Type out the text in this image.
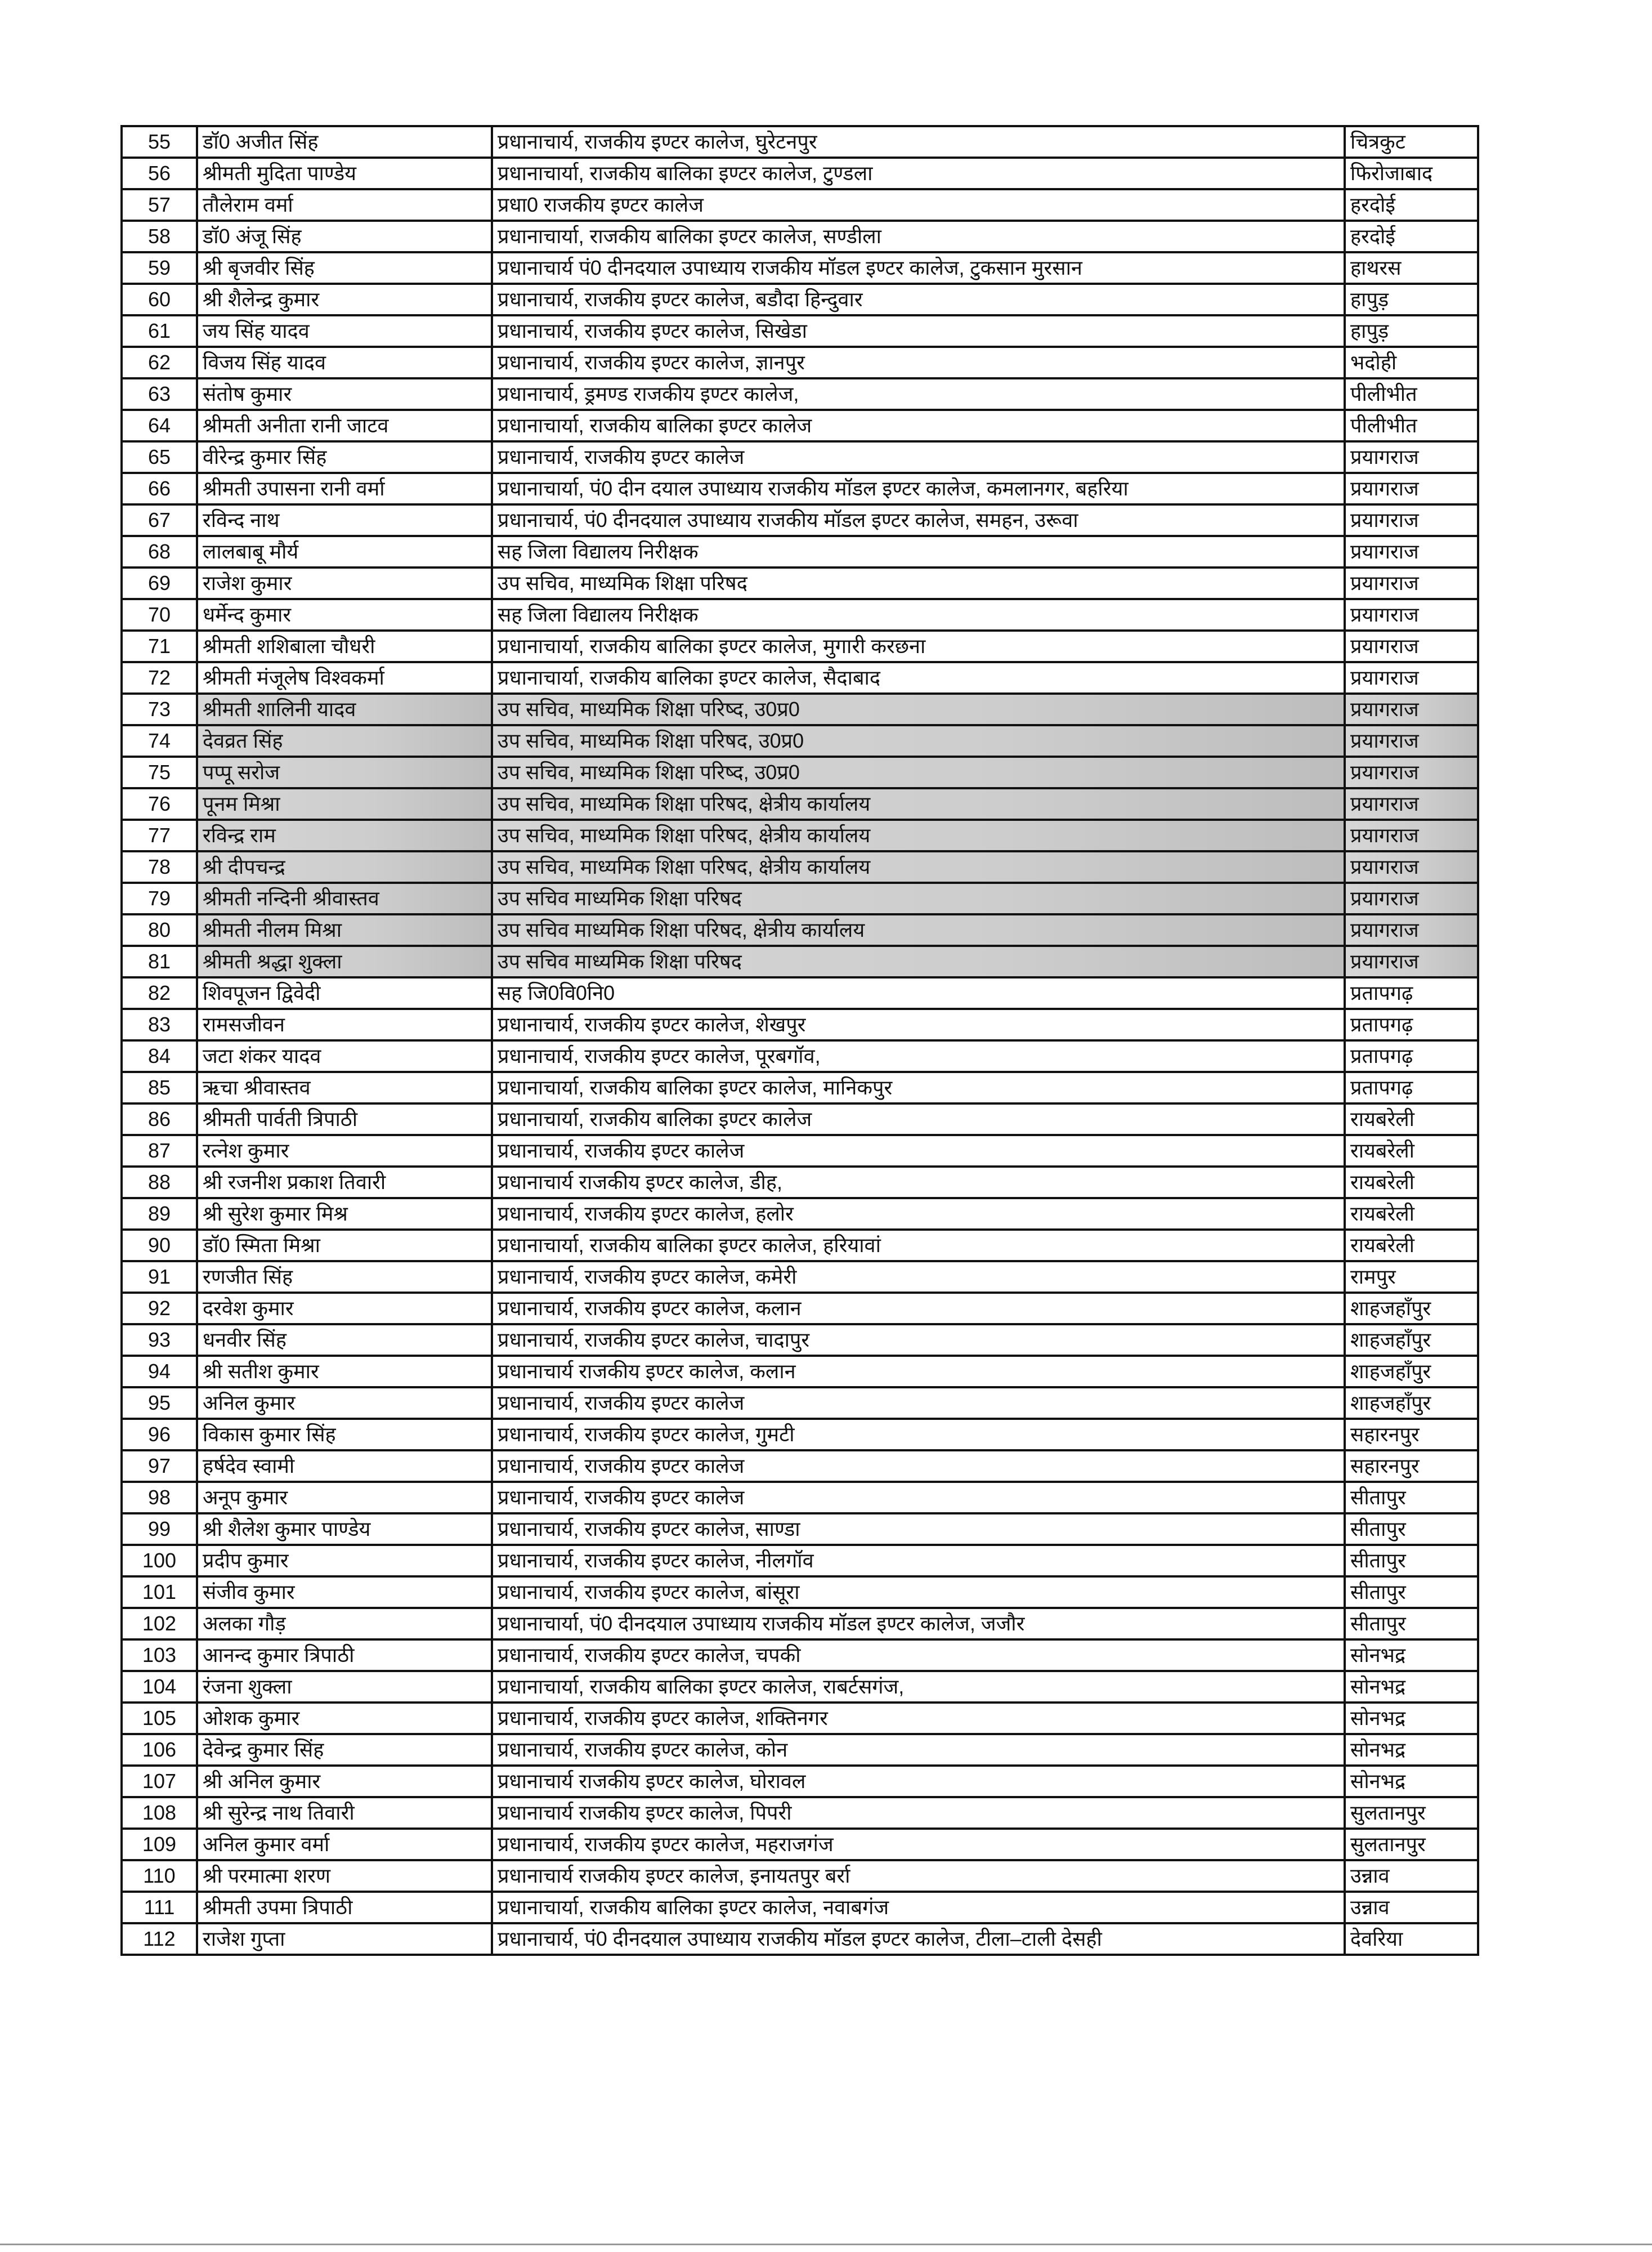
55	डॉ0 अजीत सिंह	प्रधानाचार्य, राजकीय इण्टर कालेज, घुरेटनपुर	चित्रकुट
56	श्रीमती मुदिता पाण्डेय	प्रधानाचार्या, राजकीय बालिका इण्टर कालेज, टुण्डला	फिरोजाबाद
57	तौलेराम वर्मा	प्रधा0 राजकीय इण्टर कालेज	हरदोई
58	डॉ0 अंजू सिंह	प्रधानाचार्या, राजकीय बालिका इण्टर कालेज, सण्डीला	हरदोई
59	श्री बृजवीर सिंह	प्रधानाचार्य पं0 दीनदयाल उपाध्याय राजकीय मॉडल इण्टर कालेज, टुकसान मुरसान	हाथरस
60	श्री शैलेन्द्र कुमार	प्रधानाचार्य, राजकीय इण्टर कालेज, बडौदा हिन्दुवार	हापुड़
61	जय सिंह यादव	प्रधानाचार्य, राजकीय इण्टर कालेज, सिखेडा	हापुड़
62	विजय सिंह यादव	प्रधानाचार्य, राजकीय इण्टर कालेज, ज्ञानपुर	भदोही
63	संतोष कुमार	प्रधानाचार्य, ड्रमण्ड राजकीय इण्टर कालेज,	पीलीभीत
64	श्रीमती अनीता रानी जाटव	प्रधानाचार्या, राजकीय बालिका इण्टर कालेज	पीलीभीत
65	वीरेन्द्र कुमार सिंह	प्रधानाचार्य, राजकीय इण्टर कालेज	प्रयागराज
66	श्रीमती उपासना रानी वर्मा	प्रधानाचार्या, पं0 दीन दयाल उपाध्याय राजकीय मॉडल इण्टर कालेज, कमलानगर, बहरिया	प्रयागराज
67	रविन्द नाथ	प्रधानाचार्य, पं0 दीनदयाल उपाध्याय राजकीय मॉडल इण्टर कालेज, समहन, उरूवा	प्रयागराज
68	लालबाबू मौर्य	सह जिला विद्यालय निरीक्षक	प्रयागराज
69	राजेश कुमार	उप सचिव, माध्यमिक शिक्षा परिषद	प्रयागराज
70	धर्मेन्द कुमार	सह जिला विद्यालय निरीक्षक	प्रयागराज
71	श्रीमती शशिबाला चौधरी	प्रधानाचार्या, राजकीय बालिका इण्टर कालेज, मुगारी करछना	प्रयागराज
72	श्रीमती मंजूलेष विश्वकर्मा	प्रधानाचार्या, राजकीय बालिका इण्टर कालेज, सैदाबाद	प्रयागराज
73	श्रीमती शालिनी यादव	उप सचिव, माध्यमिक शिक्षा परिष्द, उ0प्र0	प्रयागराज
74	देवव्रत सिंह	उप सचिव, माध्यमिक शिक्षा परिषद, उ0प्र0	प्रयागराज
75	पप्पू सरोज	उप सचिव, माध्यमिक शिक्षा परिष्द, उ0प्र0	प्रयागराज
76	पूनम मिश्रा	उप सचिव, माध्यमिक शिक्षा परिषद, क्षेत्रीय कार्यालय	प्रयागराज
77	रविन्द्र राम	उप सचिव, माध्यमिक शिक्षा परिषद, क्षेत्रीय कार्यालय	प्रयागराज
78	श्री दीपचन्द्र	उप सचिव, माध्यमिक शिक्षा परिषद, क्षेत्रीय कार्यालय	प्रयागराज
79	श्रीमती नन्दिनी श्रीवास्तव	उप सचिव माध्यमिक शिक्षा परिषद	प्रयागराज
80	श्रीमती नीलम मिश्रा	उप सचिव माध्यमिक शिक्षा परिषद, क्षेत्रीय कार्यालय	प्रयागराज
81	श्रीमती श्रद्धा शुक्ला	उप सचिव माध्यमिक शिक्षा परिषद	प्रयागराज
82	शिवपूजन द्विवेदी	सह जि0वि0नि0	प्रतापगढ़
83	रामसजीवन	प्रधानाचार्य, राजकीय इण्टर कालेज, शेखपुर	प्रतापगढ़
84	जटा शंकर यादव	प्रधानाचार्य, राजकीय इण्टर कालेज, पूरबगॉव,	प्रतापगढ़
85	ऋचा श्रीवास्तव	प्रधानाचार्या, राजकीय बालिका इण्टर कालेज, मानिकपुर	प्रतापगढ़
86	श्रीमती पार्वती त्रिपाठी	प्रधानाचार्या, राजकीय बालिका इण्टर कालेज	रायबरेली
87	रत्नेश कुमार	प्रधानाचार्य, राजकीय इण्टर कालेज	रायबरेली
88	श्री रजनीश प्रकाश तिवारी	प्रधानाचार्य राजकीय इण्टर कालेज, डीह,	रायबरेली
89	श्री सुरेश कुमार मिश्र	प्रधानाचार्य, राजकीय इण्टर कालेज, हलोर	रायबरेली
90	डॉ0 स्मिता मिश्रा	प्रधानाचार्या, राजकीय बालिका इण्टर कालेज, हरियावां	रायबरेली
91	रणजीत सिंह	प्रधानाचार्य, राजकीय इण्टर कालेज, कमेरी	रामपुर
92	दरवेश कुमार	प्रधानाचार्य, राजकीय इण्टर कालेज, कलान	शाहजहाँपुर
93	धनवीर सिंह	प्रधानाचार्य, राजकीय इण्टर कालेज, चादापुर	शाहजहाँपुर
94	श्री सतीश कुमार	प्रधानाचार्य राजकीय इण्टर कालेज, कलान	शाहजहाँपुर
95	अनिल कुमार	प्रधानाचार्य, राजकीय इण्टर कालेज	शाहजहाँपुर
96	विकास कुमार सिंह	प्रधानाचार्य, राजकीय इण्टर कालेज, गुमटी	सहारनपुर
97	हर्षदेव स्वामी	प्रधानाचार्य, राजकीय इण्टर कालेज	सहारनपुर
98	अनूप कुमार	प्रधानाचार्य, राजकीय इण्टर कालेज	सीतापुर
99	श्री शैलेश कुमार पाण्डेय	प्रधानाचार्य, राजकीय इण्टर कालेज, साण्डा	सीतापुर
100	प्रदीप कुमार	प्रधानाचार्य, राजकीय इण्टर कालेज, नीलगॉव	सीतापुर
101	संजीव कुमार	प्रधानाचार्य, राजकीय इण्टर कालेज, बांसूरा	सीतापुर
102	अलका गौड़	प्रधानाचार्या, पं0 दीनदयाल उपाध्याय राजकीय मॉडल इण्टर कालेज, जजौर	सीतापुर
103	आनन्द कुमार त्रिपाठी	प्रधानाचार्य, राजकीय इण्टर कालेज, चपकी	सोनभद्र
104	रंजना शुक्ला	प्रधानाचार्या, राजकीय बालिका इण्टर कालेज, राबर्टसगंज,	सोनभद्र
105	ओशक कुमार	प्रधानाचार्य, राजकीय इण्टर कालेज, शक्तिनगर	सोनभद्र
106	देवेन्द्र कुमार सिंह	प्रधानाचार्य, राजकीय इण्टर कालेज, कोन	सोनभद्र
107	श्री अनिल कुमार	प्रधानाचार्य राजकीय इण्टर कालेज, घोरावल	सोनभद्र
108	श्री सुरेन्द्र नाथ तिवारी	प्रधानाचार्य राजकीय इण्टर कालेज, पिपरी	सुलतानपुर
109	अनिल कुमार वर्मा	प्रधानाचार्य, राजकीय इण्टर कालेज, महराजगंज	सुलतानपुर
110	श्री परमात्मा शरण	प्रधानाचार्य राजकीय इण्टर कालेज, इनायतपुर बर्रा	उन्नाव
111	श्रीमती उपमा त्रिपाठी	प्रधानाचार्या, राजकीय बालिका इण्टर कालेज, नवाबगंज	उन्नाव
112	राजेश गुप्ता	प्रधानाचार्य, पं0 दीनदयाल उपाध्याय राजकीय मॉडल इण्टर कालेज, टीला–टाली देसही	देवरिया
